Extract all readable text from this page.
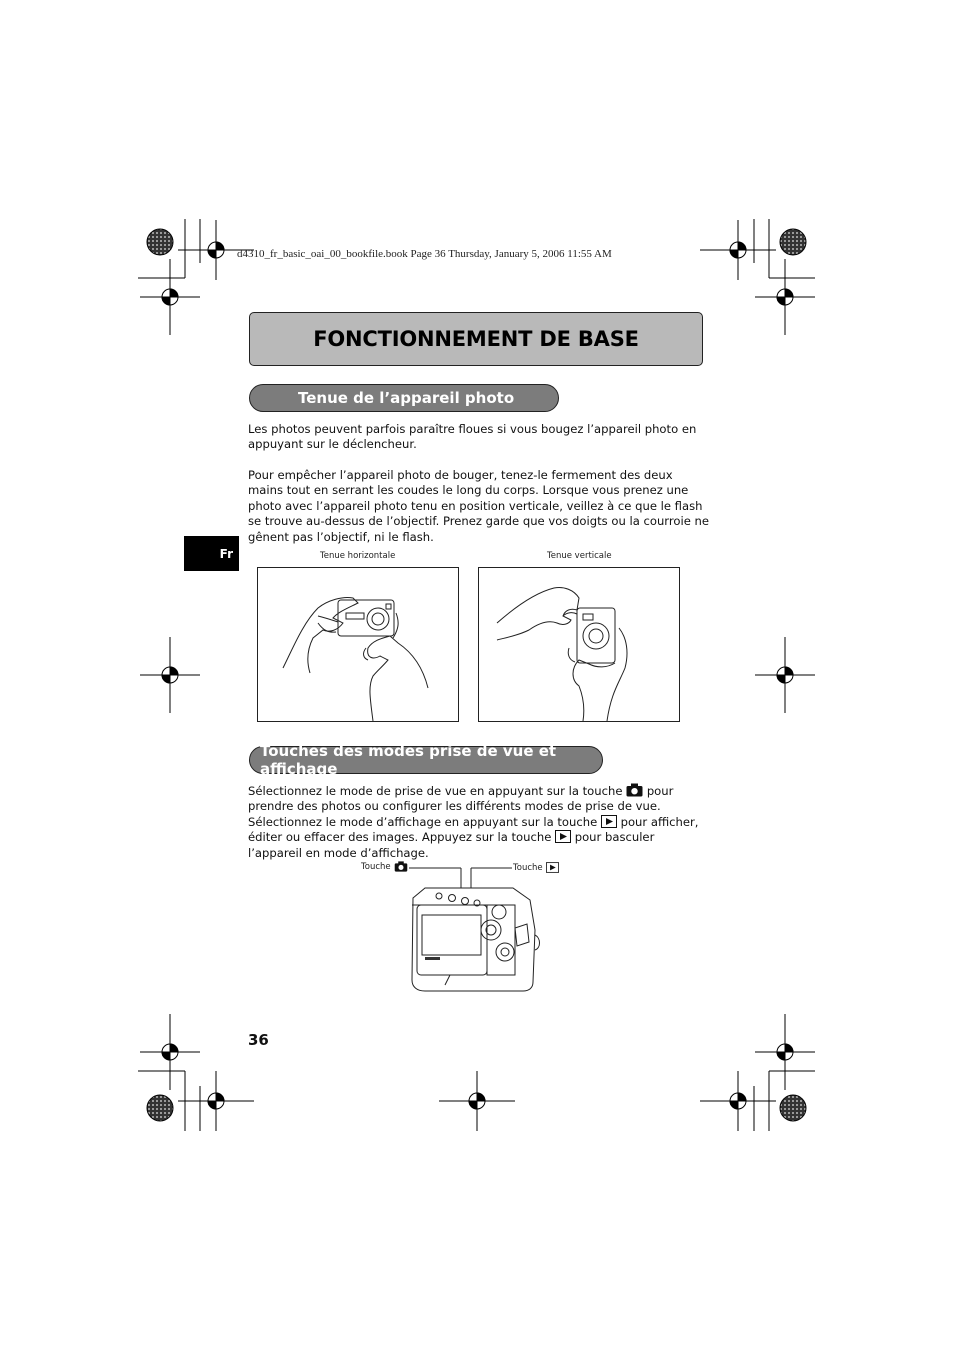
d4310_fr_basic_oai_00_bookfile.book Page 36 Thursday, January 5, 2006 11:55 AM
FONCTIONNEMENT DE BASE
Fr
Tenue de l’appareil photo
Les photos peuvent parfois paraître floues si vous bougez l’appareil photo en appuyant sur le déclencheur.
Pour empêcher l’appareil photo de bouger, tenez-le fermement des deux mains tout en serrant les coudes le long du corps. Lorsque vous prenez une photo avec l’appareil photo tenu en position verticale, veillez à ce que le flash se trouve au-dessus de l’objectif. Prenez garde que vos doigts ou la courroie ne gênent pas l’objectif, ni le flash.
Tenue horizontale	Tenue verticale
Touches des modes prise de vue et affichage
Sélectionnez le mode de prise de vue en appuyant sur la touche  pour prendre des photos ou configurer les différents modes de prise de vue. Sélectionnez le mode d’affichage en appuyant sur la touche  pour afficher, éditer ou effacer des images. Appuyez sur la touche  pour basculer l’appareil en mode d’affichage.
Touche	Touche
36
